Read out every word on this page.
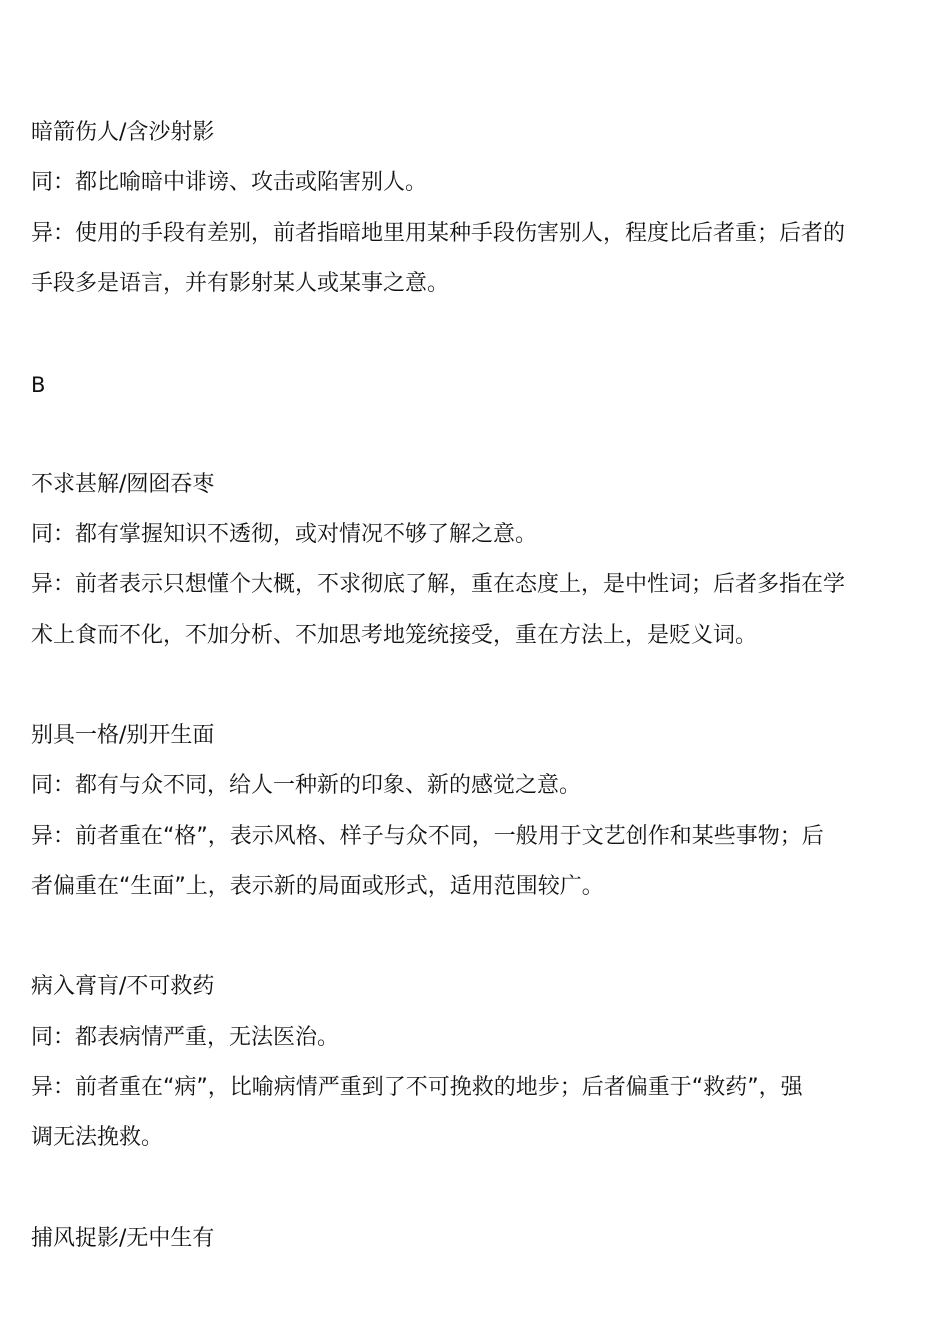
暗箭伤人/含沙射影
同：都比喻暗中诽谤、攻击或陷害别人。
异：使用的手段有差别，前者指暗地里用某种手段伤害别人，程度比后者重；后者的
手段多是语言，并有影射某人或某事之意。
B
不求甚解/囫囵吞枣
同：都有掌握知识不透彻，或对情况不够了解之意。
异：前者表示只想懂个大概，不求彻底了解，重在态度上，是中性词；后者多指在学
术上食而不化，不加分析、不加思考地笼统接受，重在方法上，是贬义词。
别具一格/别开生面
同：都有与众不同，给人一种新的印象、新的感觉之意。
异：前者重在“格”，表示风格、样子与众不同，一般用于文艺创作和某些事物；后
者偏重在“生面”上，表示新的局面或形式，适用范围较广。
病入膏肓/不可救药
同：都表病情严重，无法医治。
异：前者重在“病”，比喻病情严重到了不可挽救的地步；后者偏重于“救药”，强
调无法挽救。
捕风捉影/无中生有
